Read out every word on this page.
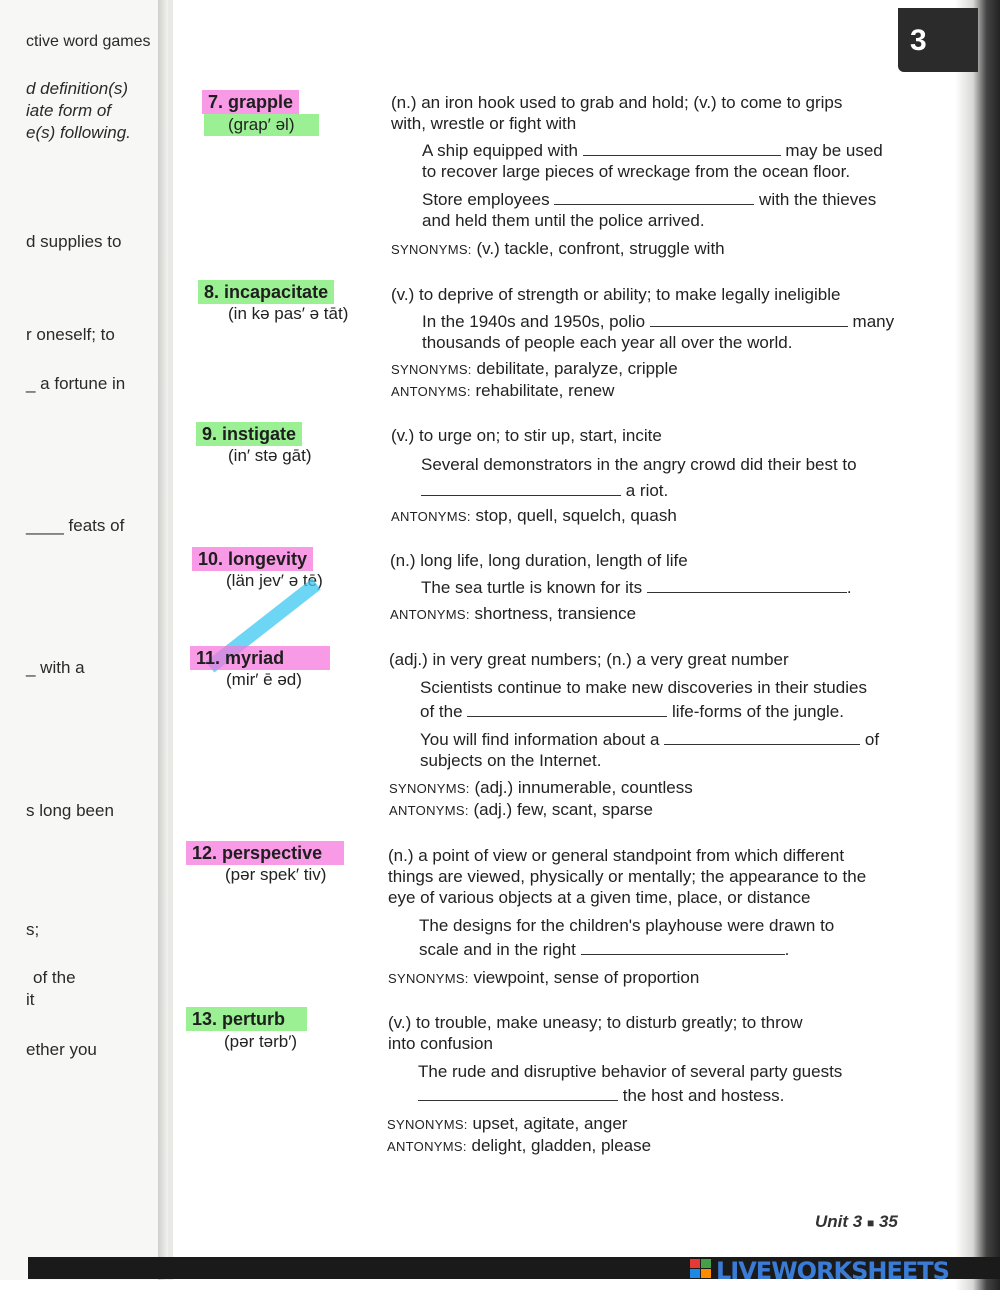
ctive word games
d definition(s)
iate form of
e(s) following.
d supplies to
r oneself; to
_ a fortune in
____ feats of
_ with a
s long been
s;
of the
it
ether you
3
7. grapple
(grap′ əl)
(n.) an iron hook used to grab and hold; (v.) to come to grips
with, wrestle or fight with
A ship equipped with	may be used
to recover large pieces of wreckage from the ocean floor.
Store employees	with the thieves
and held them until the police arrived.
SYNONYMS: (v.) tackle, confront, struggle with
8. incapacitate
(in kə pas′ ə tāt)
(v.) to deprive of strength or ability; to make legally ineligible
In the 1940s and 1950s, polio	many
thousands of people each year all over the world.
SYNONYMS: debilitate, paralyze, cripple
ANTONYMS: rehabilitate, renew
9. instigate
(in′ stə gāt)
(v.) to urge on; to stir up, start, incite
Several demonstrators in the angry crowd did their best to
a riot.
ANTONYMS: stop, quell, squelch, quash
10. longevity
(län jev′ ə tē)
(n.) long life, long duration, length of life
The sea turtle is known for its	.
ANTONYMS: shortness, transience
11. myriad
(mir′ ē əd)
(adj.) in very great numbers; (n.) a very great number
Scientists continue to make new discoveries in their studies
of the	life-forms of the jungle.
You will find information about a	of
subjects on the Internet.
SYNONYMS: (adj.) innumerable, countless
ANTONYMS: (adj.) few, scant, sparse
12. perspective
(pər spek′ tiv)
(n.) a point of view or general standpoint from which different
things are viewed, physically or mentally; the appearance to the
eye of various objects at a given time, place, or distance
The designs for the children's playhouse were drawn to
scale and in the right	.
SYNONYMS: viewpoint, sense of proportion
13. perturb
(pər tərb′)
(v.) to trouble, make uneasy; to disturb greatly; to throw
into confusion
The rude and disruptive behavior of several party guests
the host and hostess.
SYNONYMS: upset, agitate, anger
ANTONYMS: delight, gladden, please
Unit 3 ■ 35
LIVEWORKSHEETS
